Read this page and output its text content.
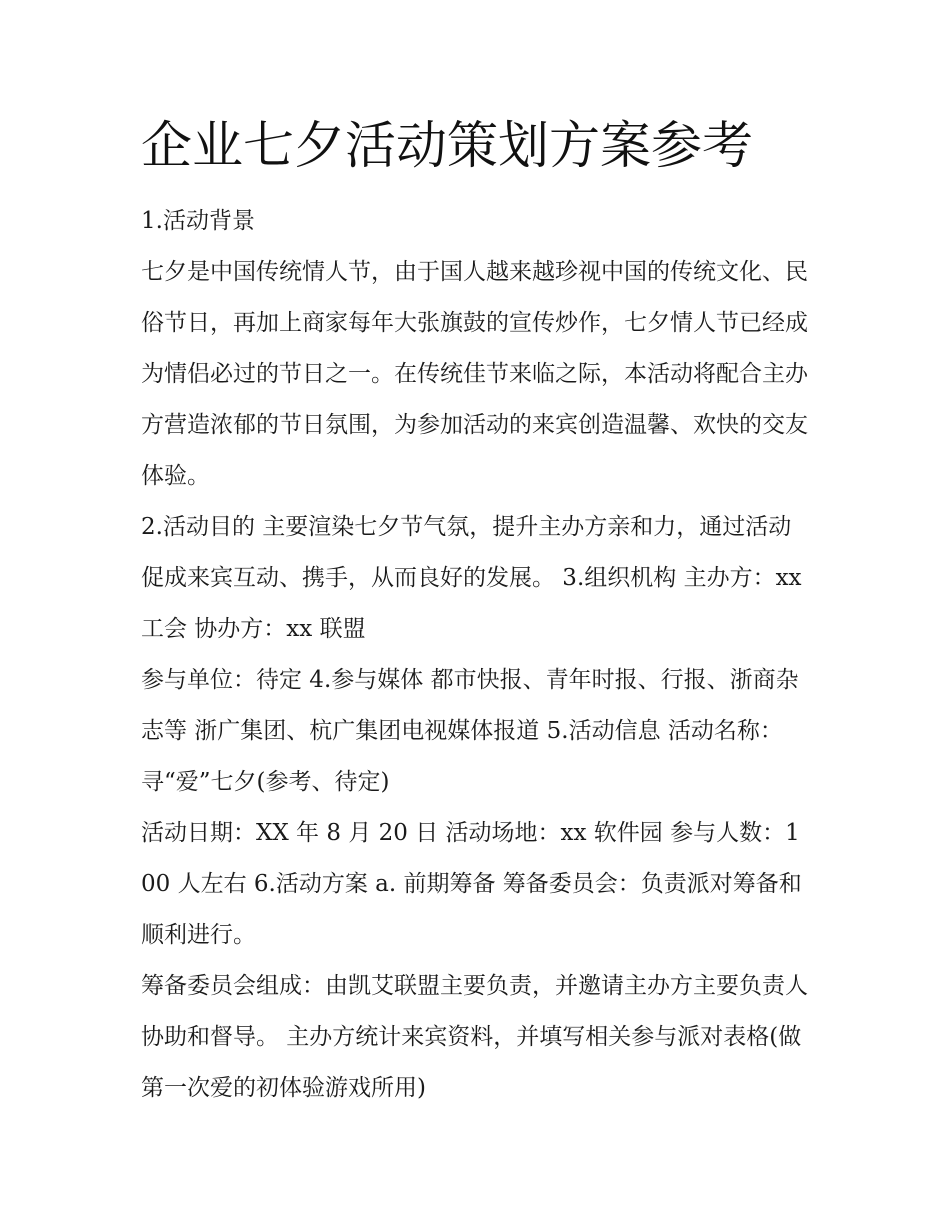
企业七夕活动策划方案参考

1.活动背景

七夕是中国传统情人节，由于国人越来越珍视中国的传统文化、民俗节日，再加上商家每年大张旗鼓的宣传炒作，七夕情人节已经成为情侣必过的节日之一。在传统佳节来临之际，本活动将配合主办方营造浓郁的节日氛围，为参加活动的来宾创造温馨、欢快的交友体验。

2.活动目的 主要渲染七夕节气氛，提升主办方亲和力，通过活动促成来宾互动、携手，从而良好的发展。 3.组织机构 主办方：xx 工会 协办方：xx 联盟

参与单位：待定 4.参与媒体 都市快报、青年时报、行报、浙商杂志等 浙广集团、杭广集团电视媒体报道 5.活动信息 活动名称：寻“爱”七夕(参考、待定)

活动日期：XX 年 8 月 20 日 活动场地：xx 软件园 参与人数：100 人左右 6.活动方案 a. 前期筹备 筹备委员会：负责派对筹备和顺利进行。

筹备委员会组成：由凯艾联盟主要负责，并邀请主办方主要负责人协助和督导。 主办方统计来宾资料，并填写相关参与派对表格(做第一次爱的初体验游戏所用)
